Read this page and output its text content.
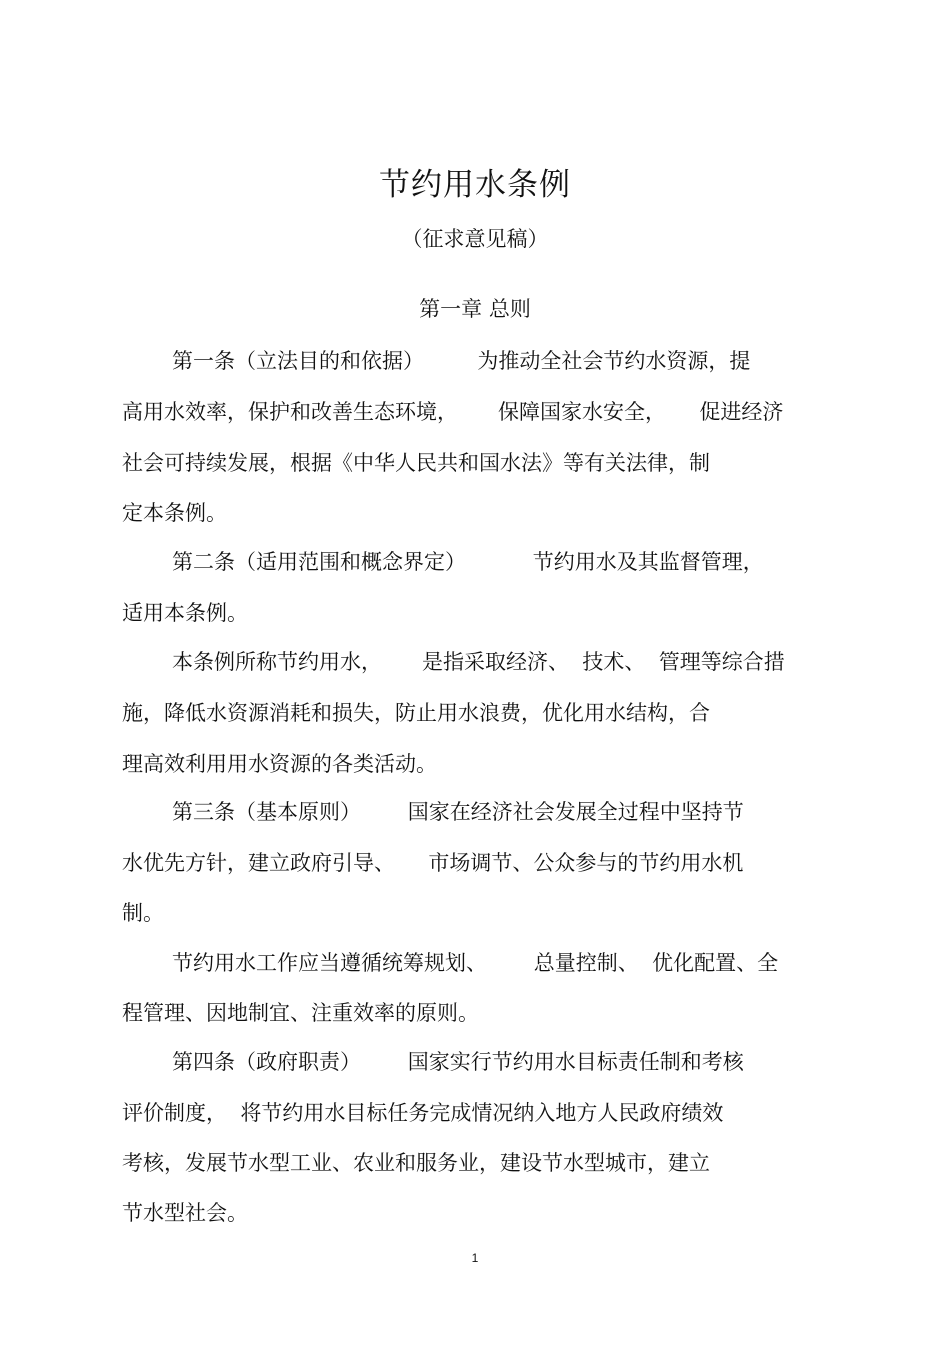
节约用水条例
（征求意见稿）
第一章 总则
第一条（立法目的和依据）        为推动全社会节约水资源，提
高用水效率，保护和改善生态环境，      保障国家水安全，     促进经济
社会可持续发展，根据《中华人民共和国水法》等有关法律，制
定本条例。
第二条（适用范围和概念界定）          节约用水及其监督管理，
适用本条例。
本条例所称节约用水，      是指采取经济、  技术、  管理等综合措
施，降低水资源消耗和损失，防止用水浪费，优化用水结构，合
理高效利用用水资源的各类活动。
第三条（基本原则）       国家在经济社会发展全过程中坚持节
水优先方针，建立政府引导、     市场调节、公众参与的节约用水机
制。
节约用水工作应当遵循统筹规划、       总量控制、  优化配置、全
程管理、因地制宜、注重效率的原则。
第四条（政府职责）       国家实行节约用水目标责任制和考核
评价制度，  将节约用水目标任务完成情况纳入地方人民政府绩效
考核，发展节水型工业、农业和服务业，建设节水型城市，建立
节水型社会。
1
